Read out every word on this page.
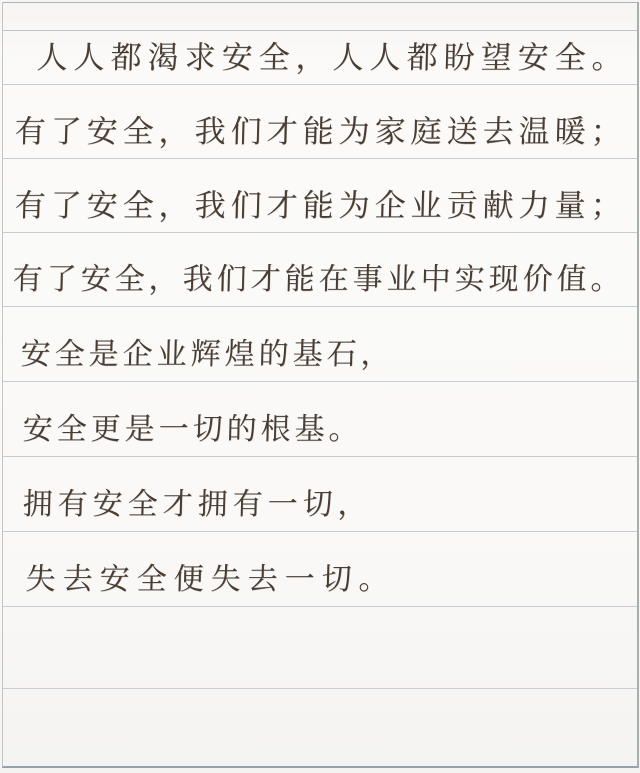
人人都渴求安全，人人都盼望安全。
有了安全，我们才能为家庭送去温暖；
有了安全，我们才能为企业贡献力量；
有了安全，我们才能在事业中实现价值。
安全是企业辉煌的基石，
安全更是一切的根基。
拥有安全才拥有一切，
失去安全便失去一切。
